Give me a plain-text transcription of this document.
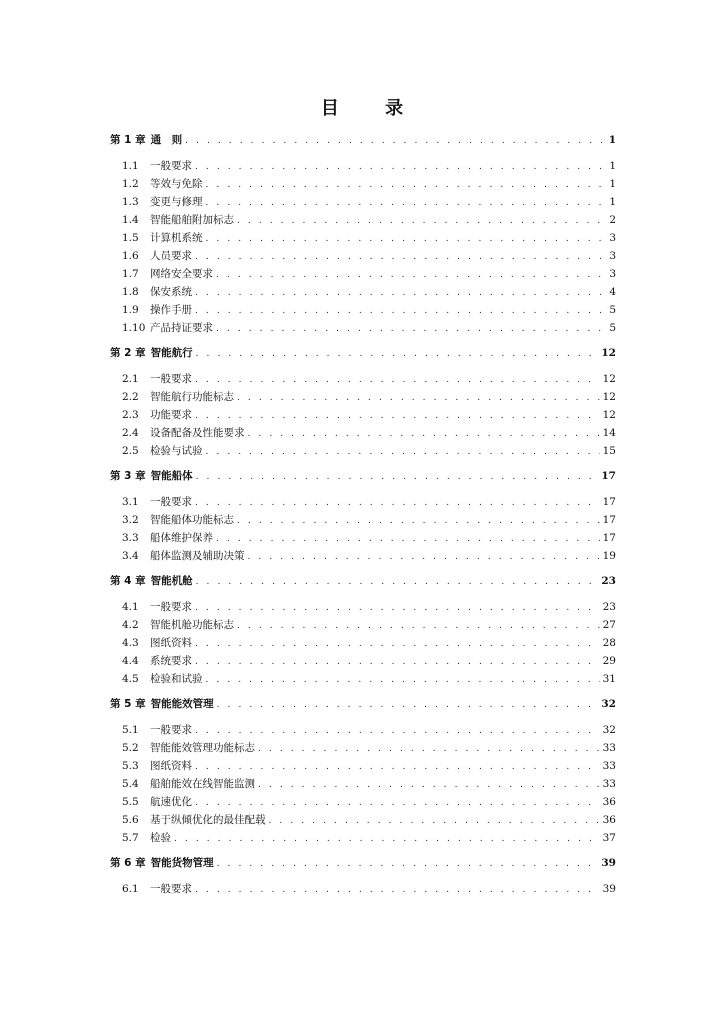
目 录
第 1 章 通　则 . . .	1
1.1	一般要求 . . .	1
1.2	等效与免除 . . .	1
1.3	变更与修理 . . .	1
1.4	智能船舶附加标志 . . .	2
1.5	计算机系统 . . .	3
1.6	人员要求 . . .	3
1.7	网络安全要求 . . .	3
1.8	保安系统 . . .	4
1.9	操作手册 . . .	5
1.10 产品持证要求 . . .	5
第 2 章 智能航行 . . .	12
2.1	一般要求 . . .	12
2.2	智能航行功能标志 . . .	12
2.3	功能要求 . . .	12
2.4	设备配备及性能要求 . . .	14
2.5	检验与试验 . . .	15
第 3 章 智能船体 . . .	17
3.1	一般要求 . . .	17
3.2	智能船体功能标志 . . .	17
3.3	船体维护保养 . . .	17
3.4	船体监测及辅助决策 . . .	19
第 4 章 智能机舱 . . .	23
4.1	一般要求 . . .	23
4.2	智能机舱功能标志 . . .	27
4.3	图纸资料 . . .	28
4.4	系统要求 . . .	29
4.5	检验和试验 . . .	31
第 5 章 智能能效管理 . . .	32
5.1	一般要求 . . .	32
5.2	智能能效管理功能标志 . . .	33
5.3	图纸资料 . . .	33
5.4	船舶能效在线智能监测 . . .	33
5.5	航速优化 . . .	36
5.6	基于纵倾优化的最佳配载 . . .	36
5.7	检验 . . .	37
第 6 章 智能货物管理 . . .	39
6.1	一般要求 . . .	39
